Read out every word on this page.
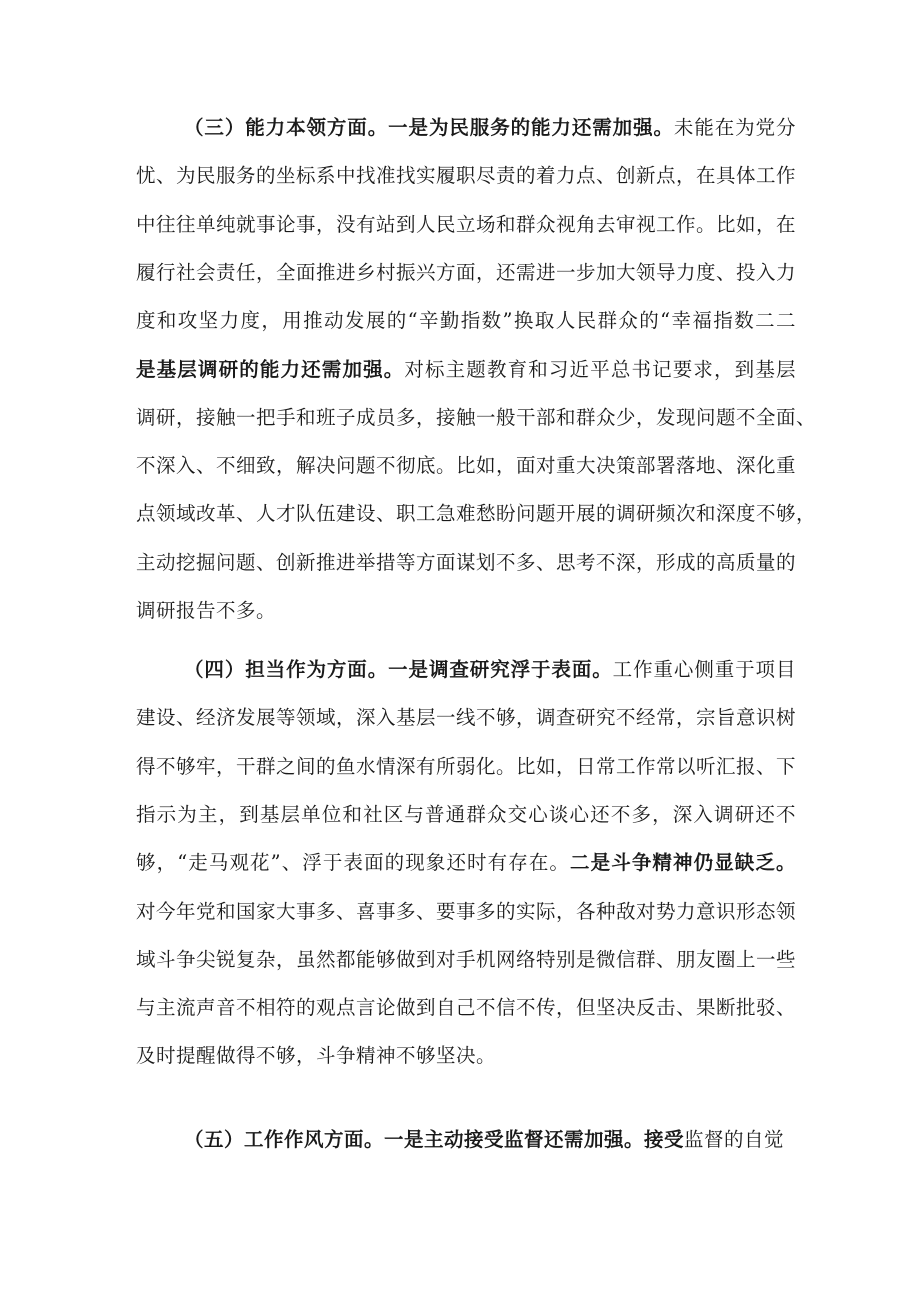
（三）能力本领方面。一是为民服务的能力还需加强。未能在为党分
忧、为民服务的坐标系中找准找实履职尽责的着力点、创新点，在具体工作
中往往单纯就事论事，没有站到人民立场和群众视角去审视工作。比如，在
履行社会责任，全面推进乡村振兴方面，还需进一步加大领导力度、投入力
度和攻坚力度，用推动发展的“辛勤指数”换取人民群众的“幸福指数二二
是基层调研的能力还需加强。对标主题教育和习近平总书记要求，到基层
调研，接触一把手和班子成员多，接触一般干部和群众少，发现问题不全面、
不深入、不细致，解决问题不彻底。比如，面对重大决策部署落地、深化重
点领域改革、人才队伍建设、职工急难愁盼问题开展的调研频次和深度不够，
主动挖掘问题、创新推进举措等方面谋划不多、思考不深，形成的高质量的
调研报告不多。
（四）担当作为方面。一是调查研究浮于表面。工作重心侧重于项目
建设、经济发展等领域，深入基层一线不够，调查研究不经常，宗旨意识树
得不够牢，干群之间的鱼水情深有所弱化。比如，日常工作常以听汇报、下
指示为主，到基层单位和社区与普通群众交心谈心还不多，深入调研还不
够，“走马观花”、浮于表面的现象还时有存在。二是斗争精神仍显缺乏。
对今年党和国家大事多、喜事多、要事多的实际，各种敌对势力意识形态领
域斗争尖锐复杂，虽然都能够做到对手机网络特别是微信群、朋友圈上一些
与主流声音不相符的观点言论做到自己不信不传，但坚决反击、果断批驳、
及时提醒做得不够，斗争精神不够坚决。
（五）工作作风方面。一是主动接受监督还需加强。接受监督的自觉
